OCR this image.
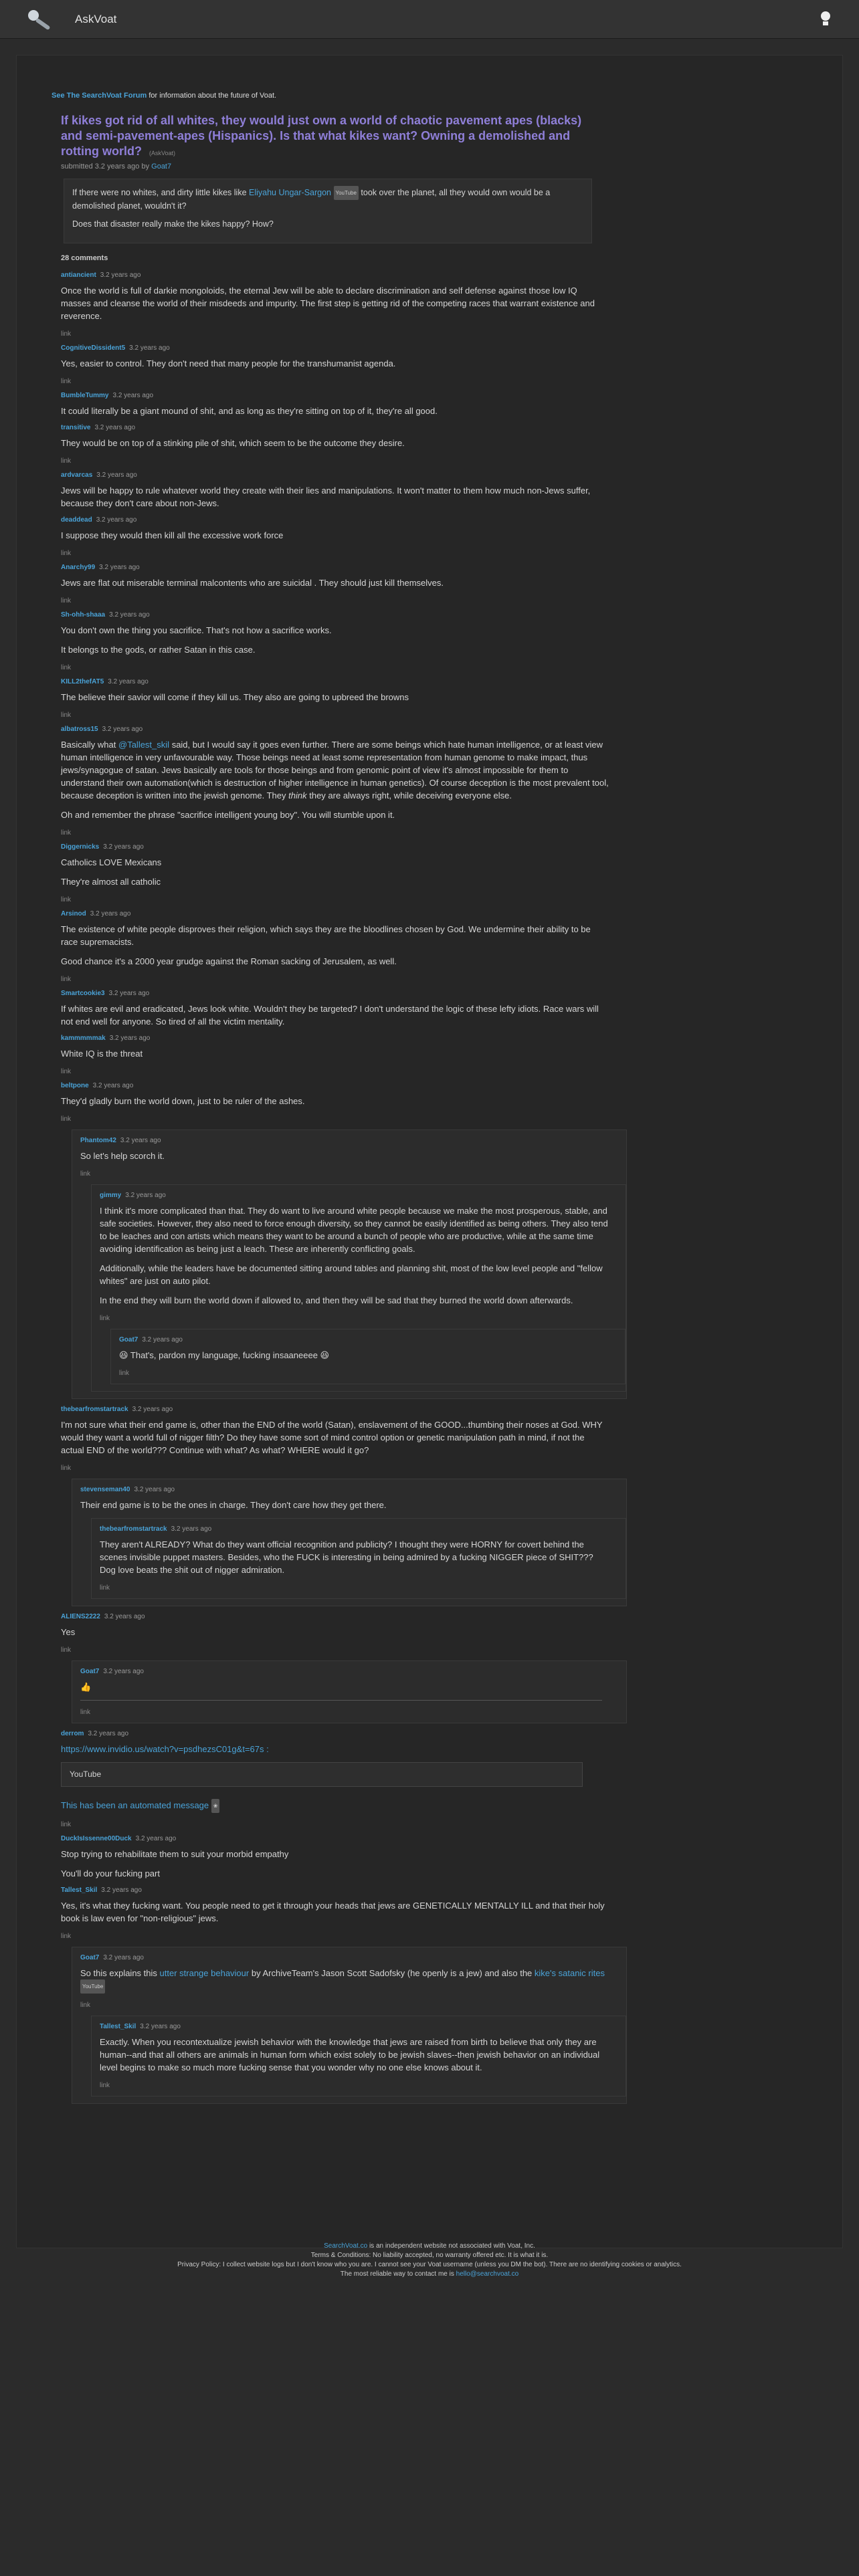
AskVoat
See The SearchVoat Forum for information about the future of Voat.
If kikes got rid of all whites, they would just own a world of chaotic pavement apes (blacks) and semi-pavement-apes (Hispanics). Is that what kikes want? Owning a demolished and rotting world? (AskVoat)
submitted 3.2 years ago by Goat7

If there were no whites, and dirty little kikes like Eliyahu Ungar-Sargon YouTube took over the planet, all they would own would be a demolished planet, wouldn't it?

Does that disaster really make the kikes happy? How?

28 comments
antiancient 3.2 years ago

Once the world is full of darkie mongoloids, the eternal Jew will be able to declare discrimination and self defense against those low IQ masses and cleanse the world of their misdeeds and impurity. The first step is getting rid of the competing races that warrant existence and reverence.

link
CognitiveDissident5 3.2 years ago

Yes, easier to control. They don't need that many people for the transhumanist agenda.

link
BumbleTummy 3.2 years ago

It could literally be a giant mound of shit, and as long as they're sitting on top of it, they're all good.

transitive 3.2 years ago

They would be on top of a stinking pile of shit, which seem to be the outcome they desire.

link
ardvarcas 3.2 years ago

Jews will be happy to rule whatever world they create with their lies and manipulations. It won't matter to them how much non-Jews suffer, because they don't care about non-Jews.

deaddead 3.2 years ago

I suppose they would then kill all the excessive work force

link
Anarchy99 3.2 years ago

Jews are flat out miserable terminal malcontents who are suicidal . They should just kill themselves.

link
Sh-ohh-shaaa 3.2 years ago

You don't own the thing you sacrifice. That's not how a sacrifice works.

It belongs to the gods, or rather Satan in this case.

link
KILL2thefAT5 3.2 years ago

The believe their savior will come if they kill us. They also are going to upbreed the browns

link
albatross15 3.2 years ago

Basically what @Tallest_skil said, but I would say it goes even further. There are some beings which hate human intelligence, or at least view human intelligence in very unfavourable way. Those beings need at least some representation from human genome to make impact, thus jews/synagogue of satan. Jews basically are tools for those beings and from genomic point of view it's almost impossible for them to understand their own automation(which is destruction of higher intelligence in human genetics). Of course deception is the most prevalent tool, because deception is written into the jewish genome. They think they are always right, while deceiving everyone else.

Oh and remember the phrase "sacrifice intelligent young boy". You will stumble upon it.

link
Diggernicks 3.2 years ago

Catholics LOVE Mexicans

They're almost all catholic

link
Arsinod 3.2 years ago

The existence of white people disproves their religion, which says they are the bloodlines chosen by God. We undermine their ability to be race supremacists.

Good chance it's a 2000 year grudge against the Roman sacking of Jerusalem, as well.

link
Smartcookie3 3.2 years ago

If whites are evil and eradicated, Jews look white. Wouldn't they be targeted? I don't understand the logic of these lefty idiots. Race wars will not end well for anyone. So tired of all the victim mentality.

kammmmmak 3.2 years ago

White IQ is the threat

link
beltpone 3.2 years ago

They'd gladly burn the world down, just to be ruler of the ashes.

link
Phantom42 3.2 years ago

So let's help scorch it.

link
gimmy 3.2 years ago

I think it's more complicated than that. They do want to live around white people because we make the most prosperous, stable, and safe societies. However, they also need to force enough diversity, so they cannot be easily identified as being others. They also tend to be leaches and con artists which means they want to be around a bunch of people who are productive, while at the same time avoiding identification as being just a leach. These are inherently conflicting goals.

Additionally, while the leaders have be documented sitting around tables and planning shit, most of the low level people and "fellow whites" are just on auto pilot.

In the end they will burn the world down if allowed to, and then they will be sad that they burned the world down afterwards.

link
Goat7 3.2 years ago

😆 That's, pardon my language, fucking insaaneeee 😆

link
thebearfromstartrack 3.2 years ago

I'm not sure what their end game is, other than the END of the world (Satan), enslavement of the GOOD...thumbing their noses at God. WHY would they want a world full of nigger filth? Do they have some sort of mind control option or genetic manipulation path in mind, if not the actual END of the world??? Continue with what? As what? WHERE would it go?

link
stevenseman40 3.2 years ago

Their end game is to be the ones in charge. They don't care how they get there.

thebearfromstartrack 3.2 years ago

They aren't ALREADY? What do they want official recognition and publicity? I thought they were HORNY for covert behind the scenes invisible puppet masters. Besides, who the FUCK is interesting in being admired by a fucking NIGGER piece of SHIT??? Dog love beats the shit out of nigger admiration.

link
ALIENS2222 3.2 years ago

Yes

link
Goat7 3.2 years ago

👍

link
derrom 3.2 years ago

https://www.invidio.us/watch?v=psdhezsC01g&t=67s :

YouTube

This has been an automated message ❀

link
DuckIsIssenne00Duck 3.2 years ago

Stop trying to rehabilitate them to suit your morbid empathy

You'll do your fucking part

Tallest_Skil 3.2 years ago

Yes, it's what they fucking want. You people need to get it through your heads that jews are GENETICALLY MENTALLY ILL and that their holy book is law even for "non-religious" jews.

link
Goat7 3.2 years ago

So this explains this utter strange behaviour by ArchiveTeam's Jason Scott Sadofsky (he openly is a jew) and also the kike's satanic rites YouTube

link
Tallest_Skil 3.2 years ago

Exactly. When you recontextualize jewish behavior with the knowledge that jews are raised from birth to believe that only they are human--and that all others are animals in human form which exist solely to be jewish slaves--then jewish behavior on an individual level begins to make so much more fucking sense that you wonder why no one else knows about it.

link
SearchVoat.co is an independent website not associated with Voat, Inc.
Terms & Conditions: No liability accepted, no warranty offered etc. It is what it is.
Privacy Policy: I collect website logs but I don't know who you are. I cannot see your Voat username (unless you DM the bot). There are no identifying cookies or analytics.
The most reliable way to contact me is hello@searchvoat.co
